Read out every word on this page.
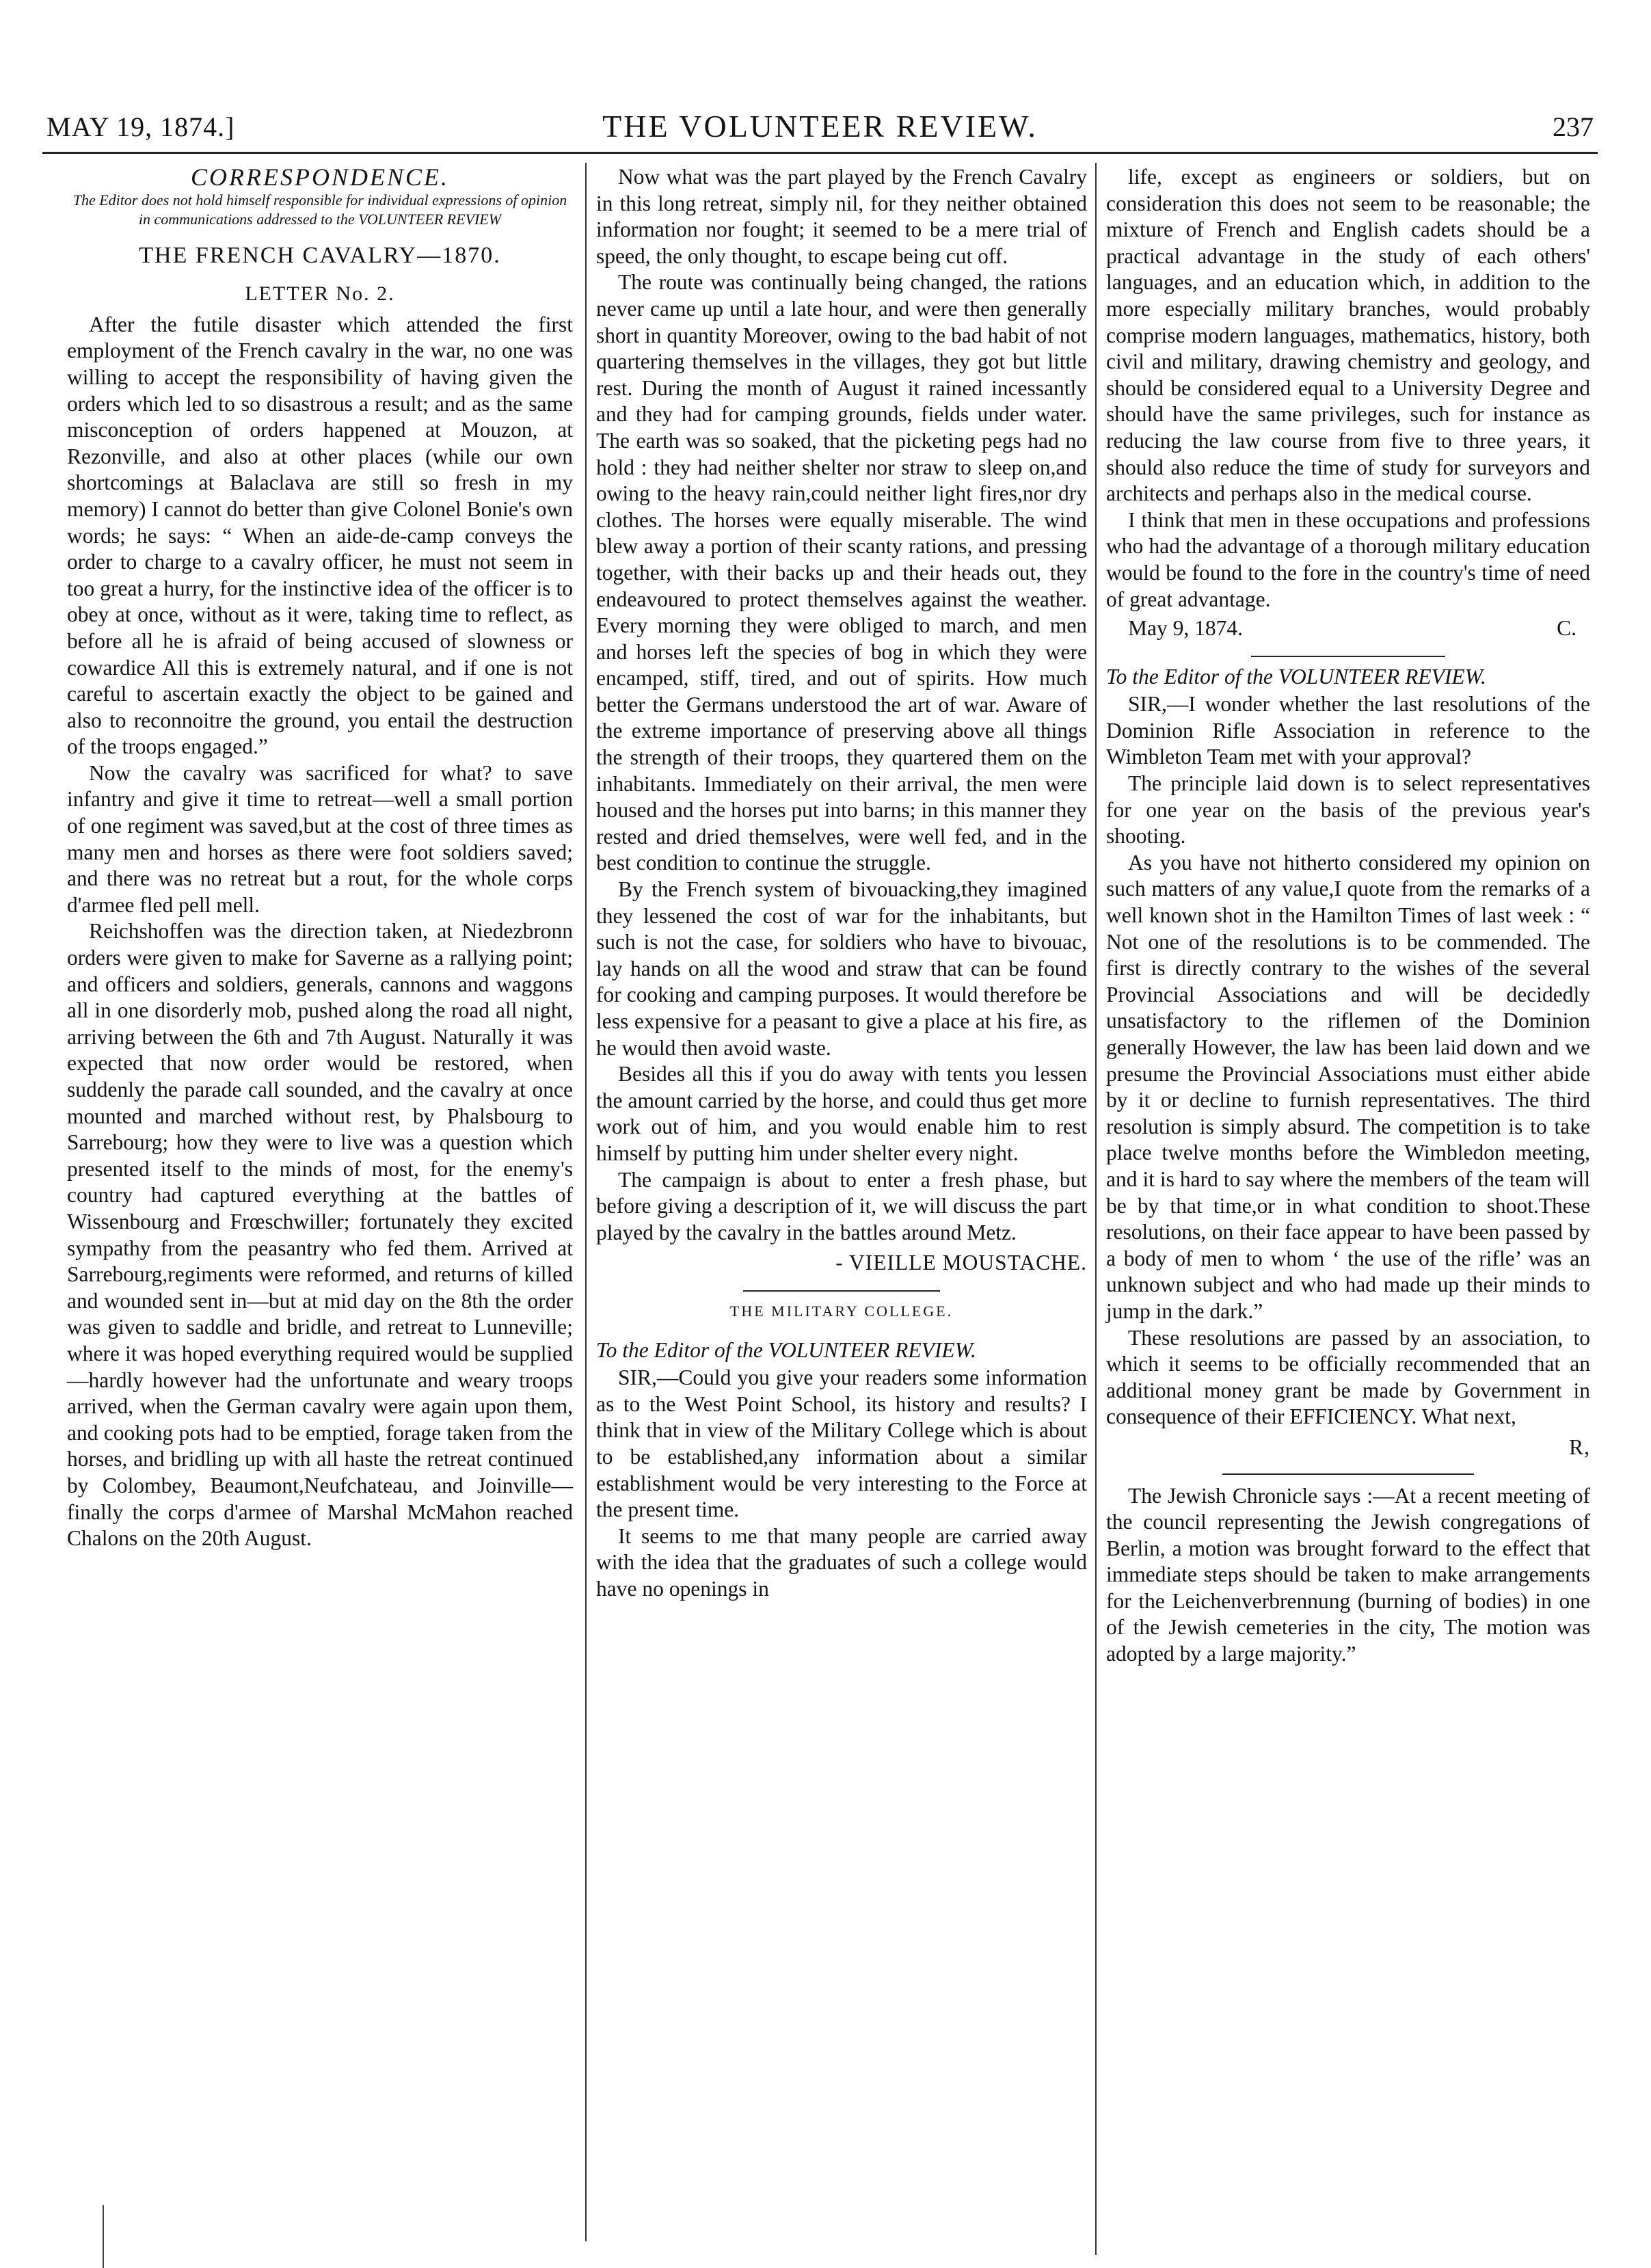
MAY 19, 1874.]	THE VOLUNTEER REVIEW.	237

CORRESPONDENCE.

The Editor does not hold himself responsible for individual expressions of opinion in communications addressed to the VOLUNTEER REVIEW

THE FRENCH CAVALRY—1870.

LETTER No. 2.

After the futile disaster which attended the first employment of the French cavalry in the war, no one was willing to accept the responsibility of having given the orders which led to so disastrous a result; and as the same misconception of orders happened at Mouzon, at Rezonville, and also at other places (while our own shortcomings at Balaclava are still so fresh in my memory) I cannot do better than give Colonel Bonie's own words; he says: “ When an aide-de-camp conveys the order to charge to a cavalry officer, he must not seem in too great a hurry, for the instinctive idea of the officer is to obey at once, without as it were, taking time to reflect, as before all he is afraid of being accused of slowness or cowardice All this is extremely natural, and if one is not careful to ascertain exactly the object to be gained and also to reconnoitre the ground, you entail the destruction of the troops engaged.”

Now the cavalry was sacrificed for what? to save infantry and give it time to retreat—well a small portion of one regiment was saved,but at the cost of three times as many men and horses as there were foot soldiers saved; and there was no retreat but a rout, for the whole corps d'armee fled pell mell.

Reichshoffen was the direction taken, at Niedezbronn orders were given to make for Saverne as a rallying point; and officers and soldiers, generals, cannons and waggons all in one disorderly mob, pushed along the road all night, arriving between the 6th and 7th August. Naturally it was expected that now order would be restored, when suddenly the parade call sounded, and the cavalry at once mounted and marched without rest, by Phalsbourg to Sarrebourg; how they were to live was a question which presented itself to the minds of most, for the enemy's country had captured everything at the battles of Wissenbourg and Frœschwiller; fortunately they excited sympathy from the peasantry who fed them. Arrived at Sarrebourg,regiments were reformed, and returns of killed and wounded sent in—but at mid day on the 8th the order was given to saddle and bridle, and retreat to Lunneville; where it was hoped everything required would be supplied—hardly however had the unfortunate and weary troops arrived, when the German cavalry were again upon them, and cooking pots had to be emptied, forage taken from the horses, and bridling up with all haste the retreat continued by Colombey, Beaumont,Neufchateau, and Joinville—finally the corps d'armee of Marshal McMahon reached Chalons on the 20th August.

Now what was the part played by the French Cavalry in this long retreat, simply nil, for they neither obtained information nor fought; it seemed to be a mere trial of speed, the only thought, to escape being cut off.

The route was continually being changed, the rations never came up until a late hour, and were then generally short in quantity Moreover, owing to the bad habit of not quartering themselves in the villages, they got but little rest. During the month of August it rained incessantly and they had for camping grounds, fields under water. The earth was so soaked, that the picketing pegs had no hold : they had neither shelter nor straw to sleep on,and owing to the heavy rain,could neither light fires,nor dry clothes. The horses were equally miserable. The wind blew away a portion of their scanty rations, and pressing together, with their backs up and their heads out, they endeavoured to protect themselves against the weather. Every morning they were obliged to march, and men and horses left the species of bog in which they were encamped, stiff, tired, and out of spirits. How much better the Germans understood the art of war. Aware of the extreme importance of preserving above all things the strength of their troops, they quartered them on the inhabitants. Immediately on their arrival, the men were housed and the horses put into barns; in this manner they rested and dried themselves, were well fed, and in the best condition to continue the struggle.

By the French system of bivouacking,they imagined they lessened the cost of war for the inhabitants, but such is not the case, for soldiers who have to bivouac, lay hands on all the wood and straw that can be found for cooking and camping purposes. It would therefore be less expensive for a peasant to give a place at his fire, as he would then avoid waste.

Besides all this if you do away with tents you lessen the amount carried by the horse, and could thus get more work out of him, and you would enable him to rest himself by putting him under shelter every night.

The campaign is about to enter a fresh phase, but before giving a description of it, we will discuss the part played by the cavalry in the battles around Metz.

- VIEILLE MOUSTACHE.

THE MILITARY COLLEGE.

To the Editor of the VOLUNTEER REVIEW.

SIR,—Could you give your readers some information as to the West Point School, its history and results? I think that in view of the Military College which is about to be established,any information about a similar establishment would be very interesting to the Force at the present time.

It seems to me that many people are carried away with the idea that the graduates of such a college would have no openings in

life, except as engineers or soldiers, but on consideration this does not seem to be reasonable; the mixture of French and English cadets should be a practical advantage in the study of each others' languages, and an education which, in addition to the more especially military branches, would probably comprise modern languages, mathematics, history, both civil and military, drawing chemistry and geology, and should be considered equal to a University Degree and should have the same privileges, such for instance as reducing the law course from five to three years, it should also reduce the time of study for surveyors and architects and perhaps also in the medical course.

I think that men in these occupations and professions who had the advantage of a thorough military education would be found to the fore in the country's time of need of great advantage.

May 9, 1874.	C.

To the Editor of the VOLUNTEER REVIEW.

SIR,—I wonder whether the last resolutions of the Dominion Rifle Association in reference to the Wimbleton Team met with your approval?

The principle laid down is to select representatives for one year on the basis of the previous year's shooting.

As you have not hitherto considered my opinion on such matters of any value,I quote from the remarks of a well known shot in the Hamilton Times of last week : “ Not one of the resolutions is to be commended. The first is directly contrary to the wishes of the several Provincial Associations and will be decidedly unsatisfactory to the riflemen of the Dominion generally However, the law has been laid down and we presume the Provincial Associations must either abide by it or decline to furnish representatives. The third resolution is simply absurd. The competition is to take place twelve months before the Wimbledon meeting, and it is hard to say where the members of the team will be by that time,or in what condition to shoot.These resolutions, on their face appear to have been passed by a body of men to whom ‘ the use of the rifle’ was an unknown subject and who had made up their minds to jump in the dark.”

These resolutions are passed by an association, to which it seems to be officially recommended that an additional money grant be made by Government in consequence of their EFFICIENCY. What next,

R,

The Jewish Chronicle says :—At a recent meeting of the council representing the Jewish congregations of Berlin, a motion was brought forward to the effect that immediate steps should be taken to make arrangements for the Leichenverbrennung (burning of bodies) in one of the Jewish cemeteries in the city, The motion was adopted by a large majority.”
